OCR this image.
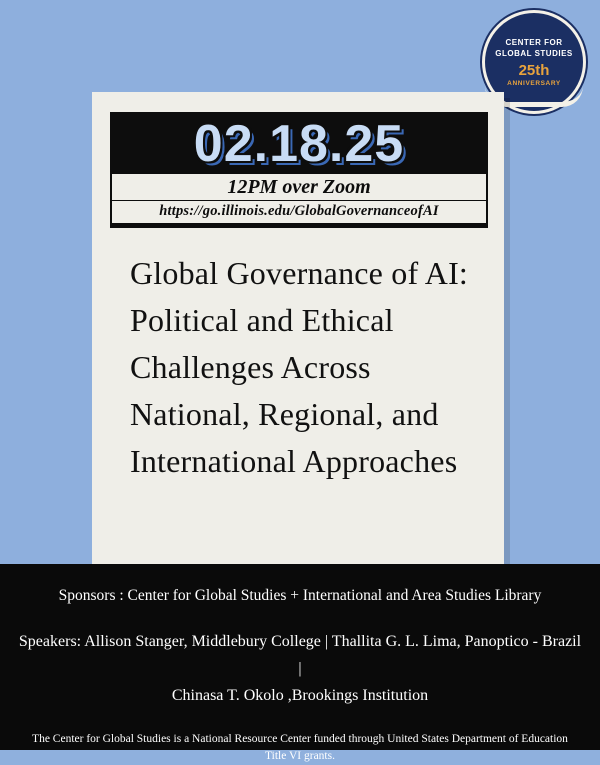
CENTER FOR
GLOBAL STUDIES
25th
ANNIVERSARY
02.18.25
12PM over Zoom
https://go.illinois.edu/GlobalGovernanceofAI
Global Governance of AI: Political and Ethical Challenges Across National, Regional, and International Approaches
Sponsors : Center for Global Studies + International and Area Studies Library
Speakers: Allison Stanger, Middlebury College | Thallita G. L. Lima, Panoptico - Brazil |
Chinasa T. Okolo ,Brookings Institution
The Center for Global Studies is a National Resource Center funded through United States Department of Education
Title VI grants.
